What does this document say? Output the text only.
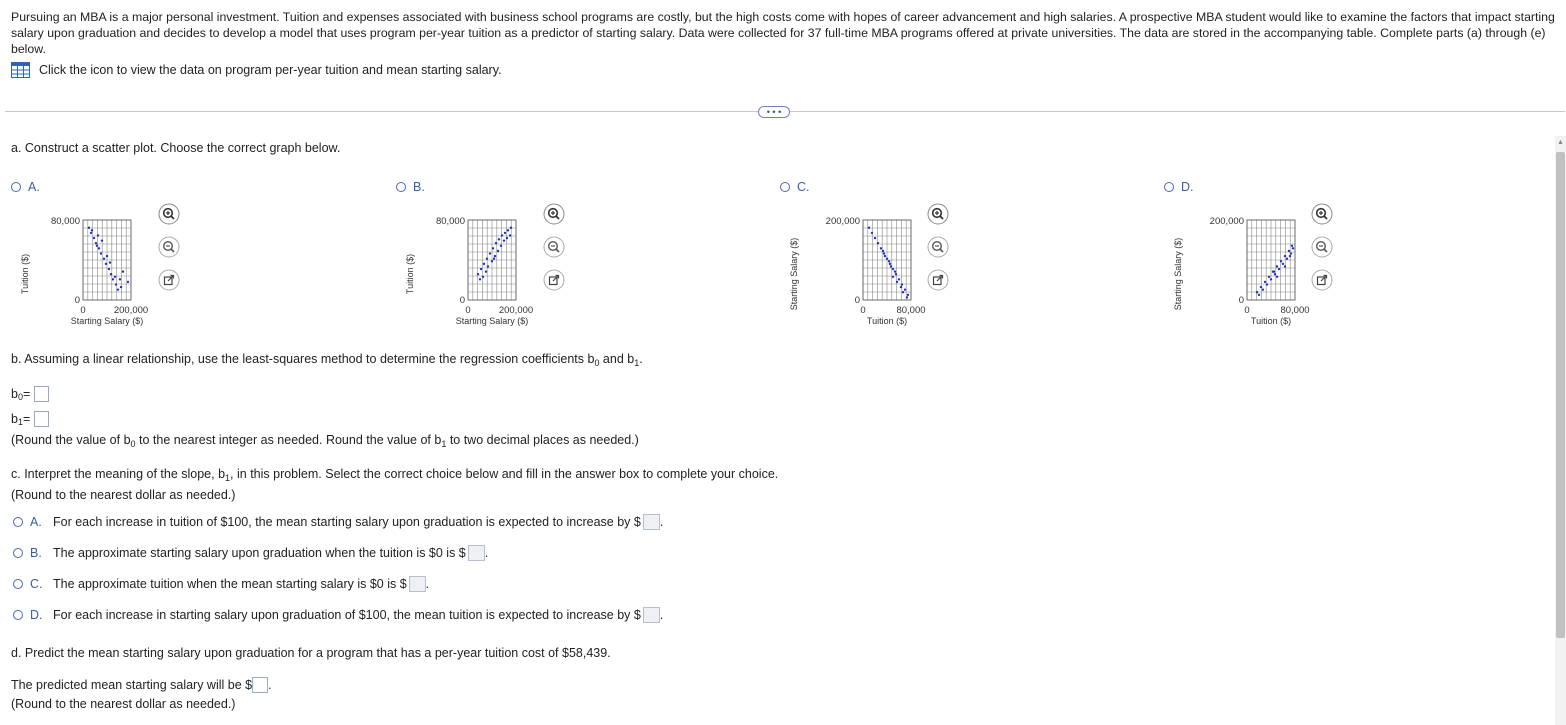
Pursuing an MBA is a major personal investment. Tuition and expenses associated with business school programs are costly, but the high costs come with hopes of career advancement and high salaries. A prospective MBA student would like to examine the factors that impact starting salary upon graduation and decides to develop a model that uses program per-year tuition as a predictor of starting salary. Data were collected for 37 full-time MBA programs offered at private universities. The data are stored in the accompanying table. Complete parts (a) through (e) below.
Click the icon to view the data on program per-year tuition and mean starting salary.
• • •
▲
a. Construct a scatter plot. Choose the correct graph below.
A.
80,000
0
0	200,000
Starting Salary ($)
Tuition ($)
B.
80,000
0
0	200,000
Starting Salary ($)
Tuition ($)
C.
200,000
0
0	80,000
Tuition ($)
Starting Salary ($)
D.
200,000
0
0	80,000
Tuition ($)
Starting Salary ($)
b. Assuming a linear relationship, use the least-squares method to determine the regression coefficients $b_0$ and $b_1$.
b 0 =

b 1 =

(Round the value of $b_0$ to the nearest integer as needed. Round the value of $b_1$ to two decimal places as needed.)
c. Interpret the meaning of the slope, $b_1$, in this problem. Select the correct choice below and fill in the answer box to complete your choice.
(Round to the nearest dollar as needed.)
A. For each increase in tuition of $100, the mean starting salary upon graduation is expected to increase by $ .
B. The approximate starting salary upon graduation when the tuition is $0 is $ .
C. The approximate tuition when the mean starting salary is $0 is $ .
D. For each increase in starting salary upon graduation of $100, the mean tuition is expected to increase by $ .
d. Predict the mean starting salary upon graduation for a program that has a per-year tuition cost of $58,439.
The predicted mean starting salary will be $ .
(Round to the nearest dollar as needed.)
